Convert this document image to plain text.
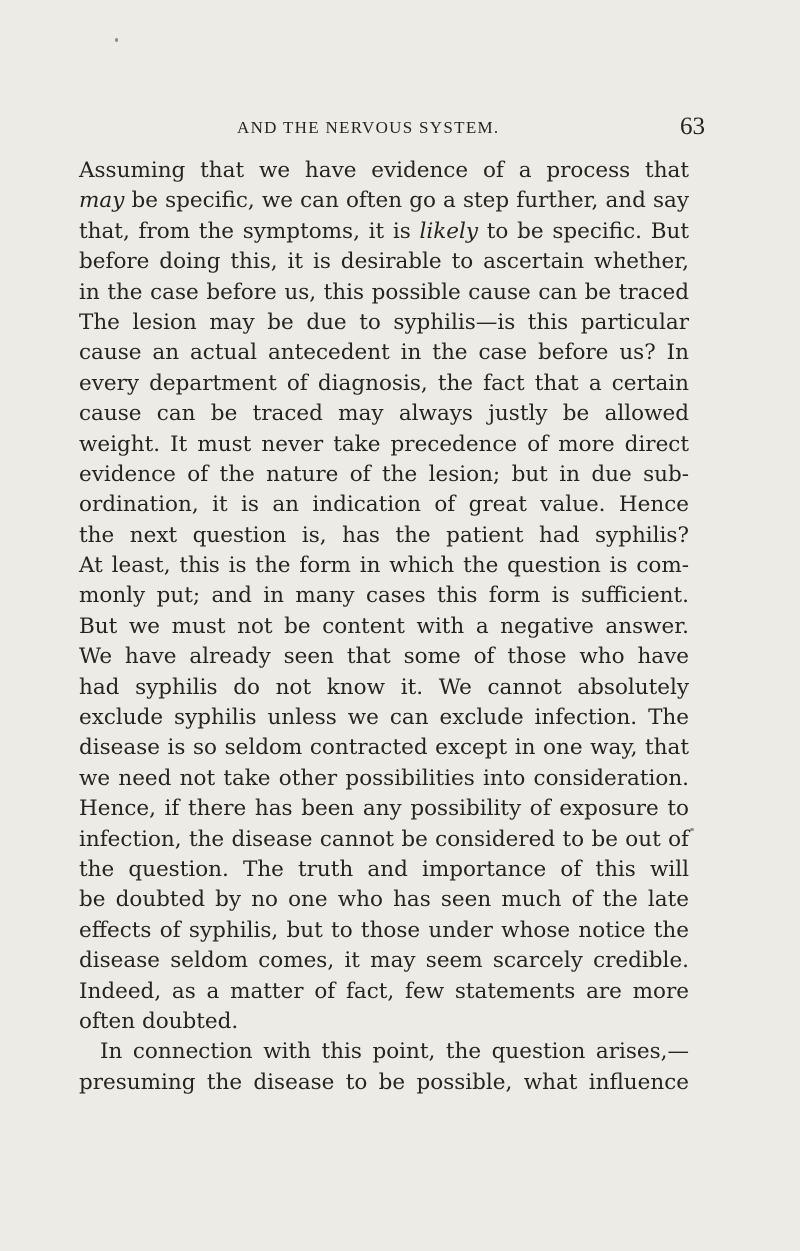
AND THE NERVOUS SYSTEM.	63
Assuming that we have evidence of a process that
may be specific, we can often go a step further, and say
that, from the symptoms, it is likely to be specific. But
before doing this, it is desirable to ascertain whether,
in the case before us, this possible cause can be traced
The lesion may be due to syphilis—is this particular
cause an actual antecedent in the case before us? In
every department of diagnosis, the fact that a certain
cause can be traced may always justly be allowed
weight. It must never take precedence of more direct
evidence of the nature of the lesion; but in due sub-
ordination, it is an indication of great value. Hence
the next question is, has the patient had syphilis?
At least, this is the form in which the question is com-
monly put; and in many cases this form is sufficient.
But we must not be content with a negative answer.
We have already seen that some of those who have
had syphilis do not know it. We cannot absolutely
exclude syphilis unless we can exclude infection. The
disease is so seldom contracted except in one way, that
we need not take other possibilities into consideration.
Hence, if there has been any possibility of exposure to
infection, the disease cannot be considered to be out of
the question. The truth and importance of this will
be doubted by no one who has seen much of the late
effects of syphilis, but to those under whose notice the
disease seldom comes, it may seem scarcely credible.
Indeed, as a matter of fact, few statements are more
often doubted.
In connection with this point, the question arises,—
presuming the disease to be possible, what influence
